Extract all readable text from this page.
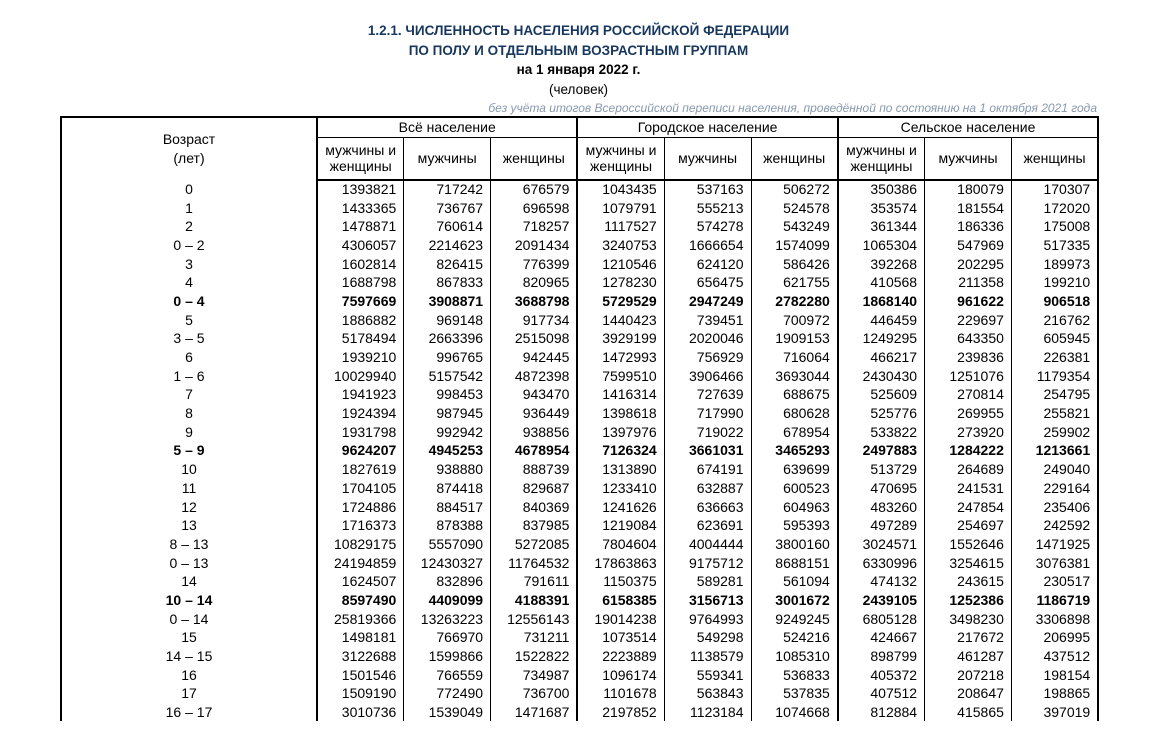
1.2.1. ЧИСЛЕННОСТЬ НАСЕЛЕНИЯ РОССИЙСКОЙ ФЕДЕРАЦИИ
ПО ПОЛУ И ОТДЕЛЬНЫМ ВОЗРАСТНЫМ ГРУППАМ
на 1 января 2022 г.
(человек)
без учёта итогов Всероссийской переписи населения, проведённой по состоянию на 1 октября 2021 года
Возраст
(лет)	Всё население			Городское население			Сельское население		
	мужчины и женщины	мужчины	женщины	мужчины и женщины	мужчины	женщины	мужчины и женщины	мужчины	женщины
0	1393821	717242	676579	1043435	537163	506272	350386	180079	170307
1	1433365	736767	696598	1079791	555213	524578	353574	181554	172020
2	1478871	760614	718257	1117527	574278	543249	361344	186336	175008
0 – 2	4306057	2214623	2091434	3240753	1666654	1574099	1065304	547969	517335
3	1602814	826415	776399	1210546	624120	586426	392268	202295	189973
4	1688798	867833	820965	1278230	656475	621755	410568	211358	199210
0 – 4	7597669	3908871	3688798	5729529	2947249	2782280	1868140	961622	906518
5	1886882	969148	917734	1440423	739451	700972	446459	229697	216762
3 – 5	5178494	2663396	2515098	3929199	2020046	1909153	1249295	643350	605945
6	1939210	996765	942445	1472993	756929	716064	466217	239836	226381
1 – 6	10029940	5157542	4872398	7599510	3906466	3693044	2430430	1251076	1179354
7	1941923	998453	943470	1416314	727639	688675	525609	270814	254795
8	1924394	987945	936449	1398618	717990	680628	525776	269955	255821
9	1931798	992942	938856	1397976	719022	678954	533822	273920	259902
5 – 9	9624207	4945253	4678954	7126324	3661031	3465293	2497883	1284222	1213661
10	1827619	938880	888739	1313890	674191	639699	513729	264689	249040
11	1704105	874418	829687	1233410	632887	600523	470695	241531	229164
12	1724886	884517	840369	1241626	636663	604963	483260	247854	235406
13	1716373	878388	837985	1219084	623691	595393	497289	254697	242592
8 – 13	10829175	5557090	5272085	7804604	4004444	3800160	3024571	1552646	1471925
0 – 13	24194859	12430327	11764532	17863863	9175712	8688151	6330996	3254615	3076381
14	1624507	832896	791611	1150375	589281	561094	474132	243615	230517
10 – 14	8597490	4409099	4188391	6158385	3156713	3001672	2439105	1252386	1186719
0 – 14	25819366	13263223	12556143	19014238	9764993	9249245	6805128	3498230	3306898
15	1498181	766970	731211	1073514	549298	524216	424667	217672	206995
14 – 15	3122688	1599866	1522822	2223889	1138579	1085310	898799	461287	437512
16	1501546	766559	734987	1096174	559341	536833	405372	207218	198154
17	1509190	772490	736700	1101678	563843	537835	407512	208647	198865
16 – 17	3010736	1539049	1471687	2197852	1123184	1074668	812884	415865	397019
